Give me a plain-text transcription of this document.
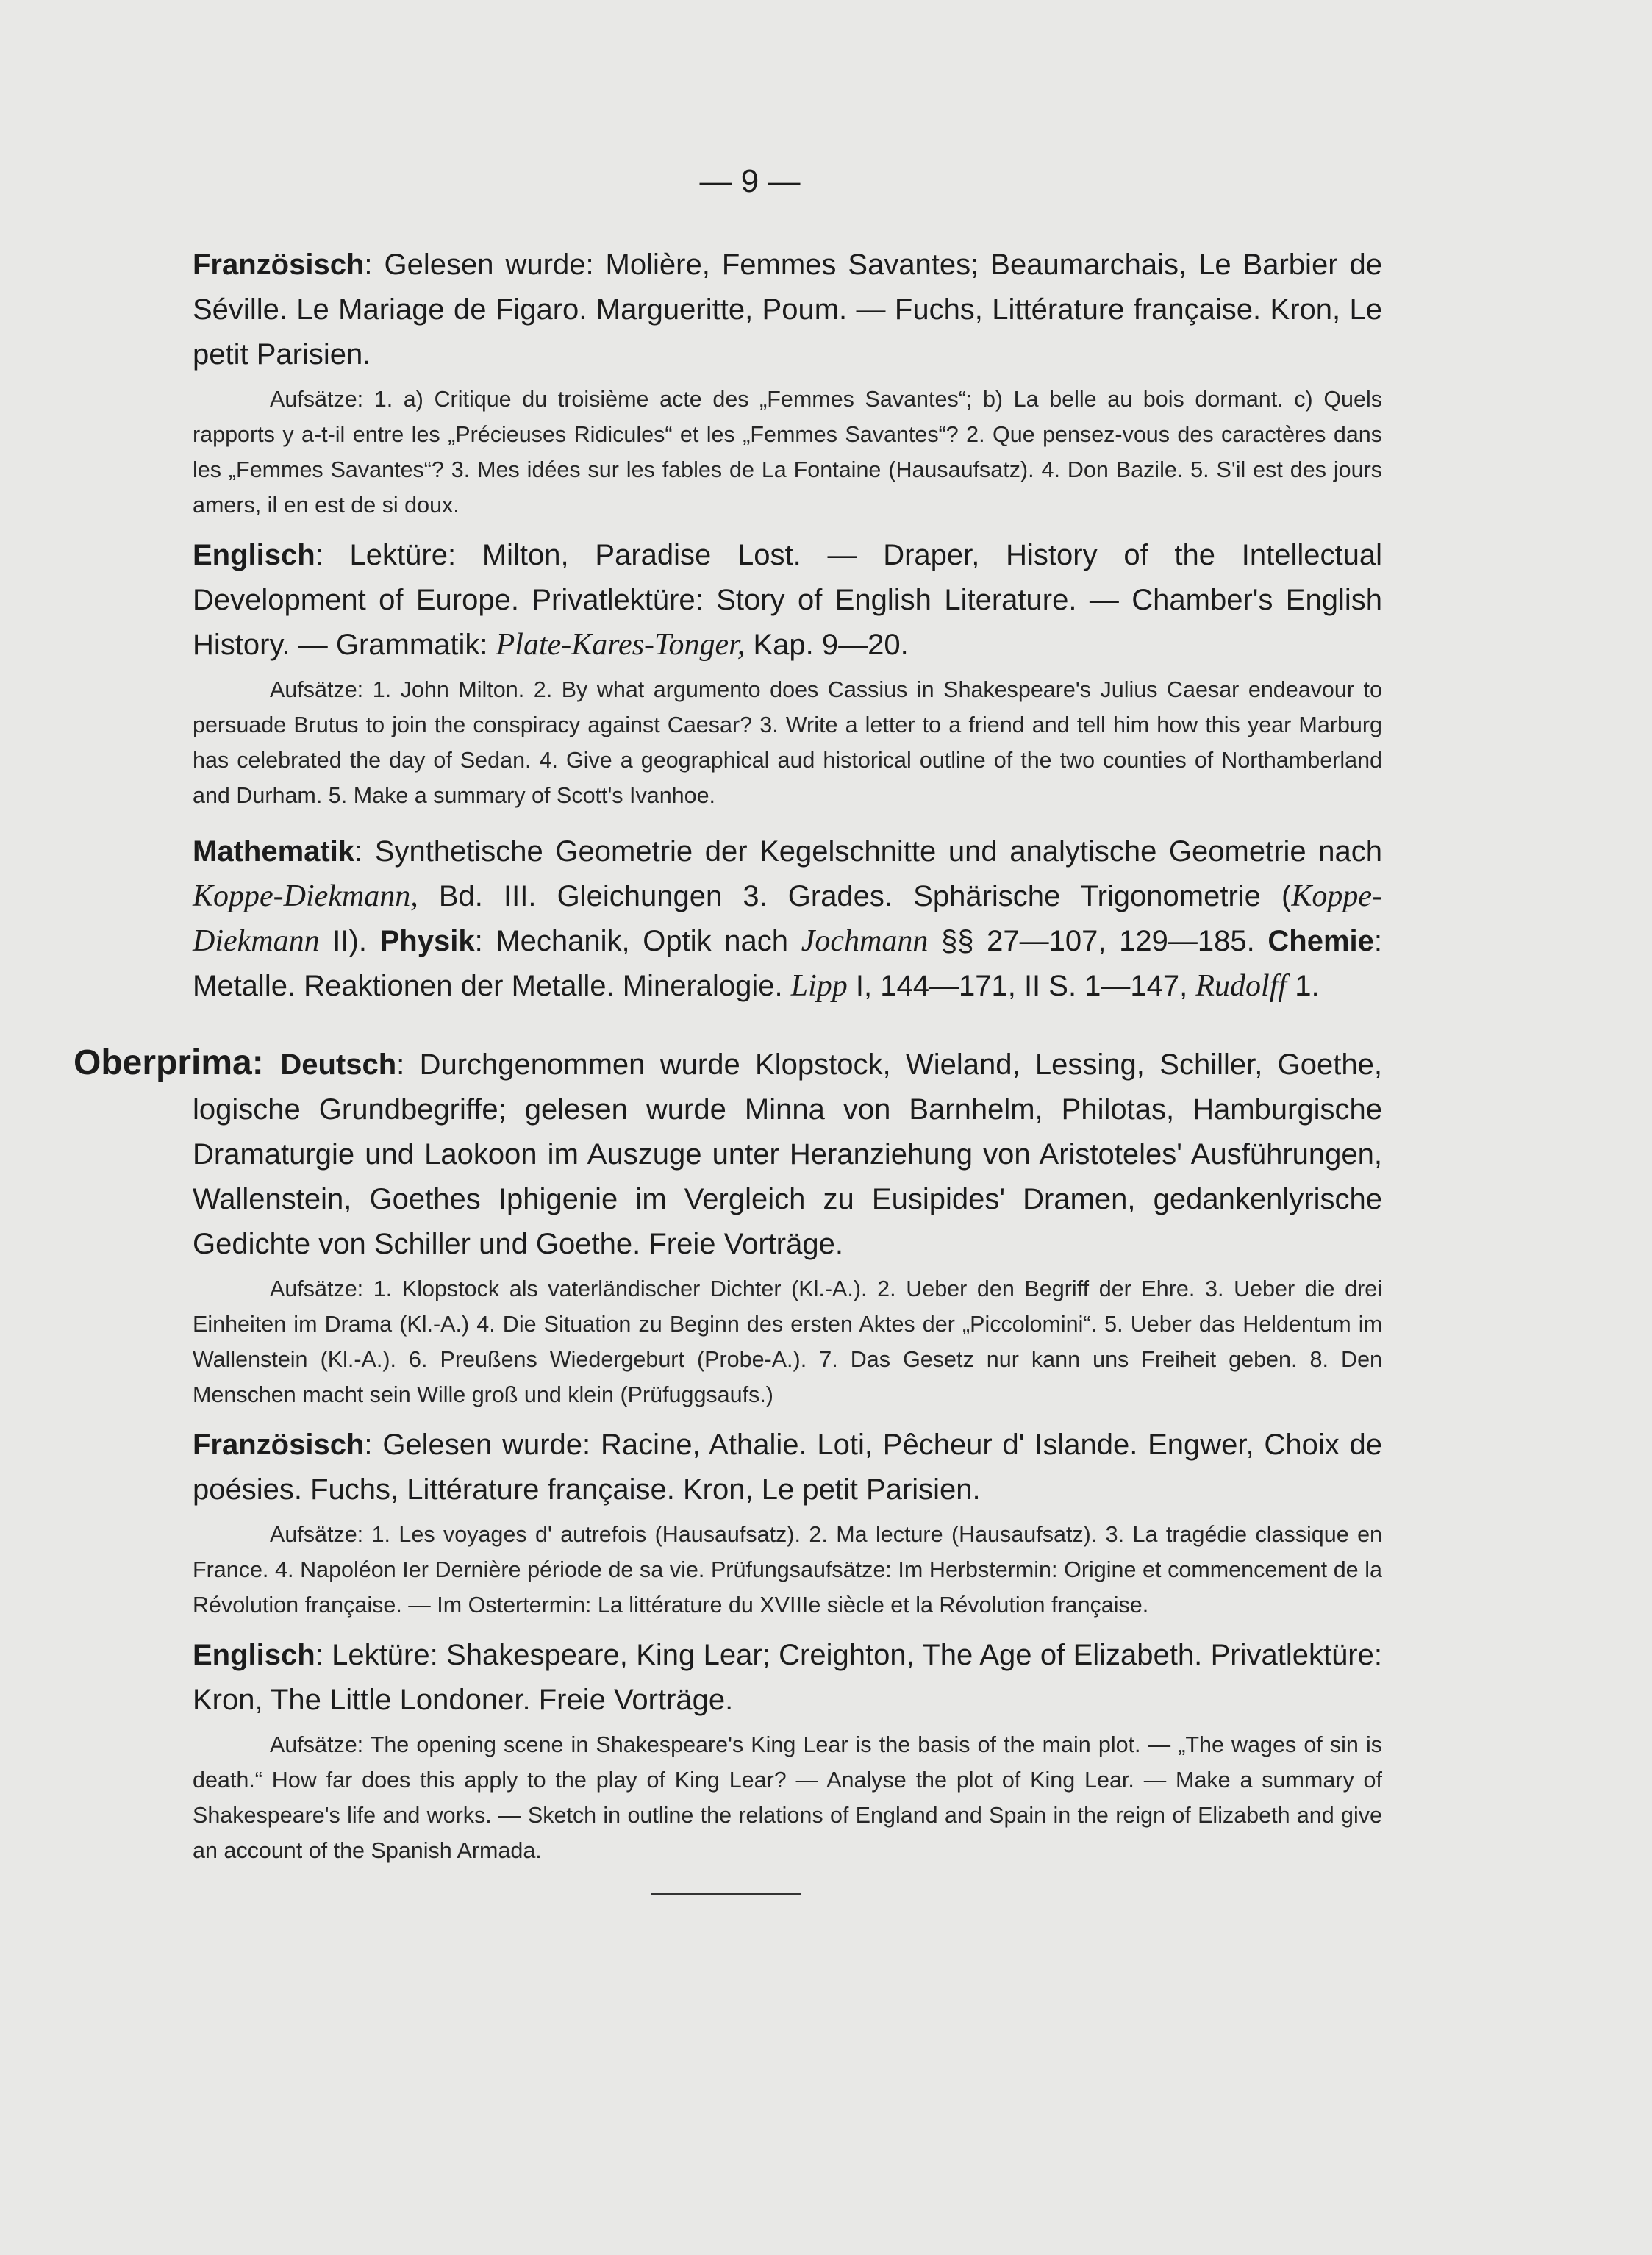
— 9 —
Französisch: Gelesen wurde: Molière, Femmes Savantes; Beaumarchais, Le Barbier de Séville. Le Mariage de Figaro. Margueritte, Poum. — Fuchs, Littérature française. Kron, Le petit Parisien.
Aufsätze: 1. a) Critique du troisième acte des „Femmes Savantes“; b) La belle au bois dormant. c) Quels rapports y a-t-il entre les „Précieuses Ridicules“ et les „Femmes Savantes“? 2. Que pensez-vous des caractères dans les „Femmes Savantes“? 3. Mes idées sur les fables de La Fontaine (Hausaufsatz). 4. Don Bazile. 5. S'il est des jours amers, il en est de si doux.
Englisch: Lektüre: Milton, Paradise Lost. — Draper, History of the Intellectual Development of Europe. Privatlektüre: Story of English Literature. — Chamber's English History. — Grammatik: Plate-Kares-Tonger, Kap. 9—20.
Aufsätze: 1. John Milton. 2. By what argumento does Cassius in Shakespeare's Julius Caesar endeavour to persuade Brutus to join the conspiracy against Caesar? 3. Write a letter to a friend and tell him how this year Marburg has celebrated the day of Sedan. 4. Give a geographical aud historical outline of the two counties of Northamberland and Durham. 5. Make a summary of Scott's Ivanhoe.
Mathematik: Synthetische Geometrie der Kegelschnitte und analytische Geometrie nach Koppe-Diekmann, Bd. III. Gleichungen 3. Grades. Sphärische Trigonometrie (Koppe-Diekmann II). Physik: Mechanik, Optik nach Jochmann §§ 27—107, 129—185. Chemie: Metalle. Reaktionen der Metalle. Mineralogie. Lipp I, 144—171, II S. 1—147, Rudolff 1.
Oberprima: Deutsch: Durchgenommen wurde Klopstock, Wieland, Lessing, Schiller, Goethe, logische Grundbegriffe; gelesen wurde Minna von Barnhelm, Philotas, Hamburgische Dramaturgie und Laokoon im Auszuge unter Heranziehung von Aristoteles' Ausführungen, Wallenstein, Goethes Iphigenie im Vergleich zu Eusipides' Dramen, gedankenlyrische Gedichte von Schiller und Goethe. Freie Vorträge.
Aufsätze: 1. Klopstock als vaterländischer Dichter (Kl.-A.). 2. Ueber den Begriff der Ehre. 3. Ueber die drei Einheiten im Drama (Kl.-A.) 4. Die Situation zu Beginn des ersten Aktes der „Piccolomini“. 5. Ueber das Heldentum im Wallenstein (Kl.-A.). 6. Preußens Wiedergeburt (Probe-A.). 7. Das Gesetz nur kann uns Freiheit geben. 8. Den Menschen macht sein Wille groß und klein (Prüfuggsaufs.)
Französisch: Gelesen wurde: Racine, Athalie. Loti, Pêcheur d' Islande. Engwer, Choix de poésies. Fuchs, Littérature française. Kron, Le petit Parisien.
Aufsätze: 1. Les voyages d' autrefois (Hausaufsatz). 2. Ma lecture (Hausaufsatz). 3. La tragédie classique en France. 4. Napoléon Ier Dernière période de sa vie. Prüfungsaufsätze: Im Herbstermin: Origine et commencement de la Révolution française. — Im Ostertermin: La littérature du XVIIIe siècle et la Révolution française.
Englisch: Lektüre: Shakespeare, King Lear; Creighton, The Age of Elizabeth. Privatlektüre: Kron, The Little Londoner. Freie Vorträge.
Aufsätze: The opening scene in Shakespeare's King Lear is the basis of the main plot. — „The wages of sin is death.“ How far does this apply to the play of King Lear? — Analyse the plot of King Lear. — Make a summary of Shakespeare's life and works. — Sketch in outline the relations of England and Spain in the reign of Elizabeth and give an account of the Spanish Armada.
